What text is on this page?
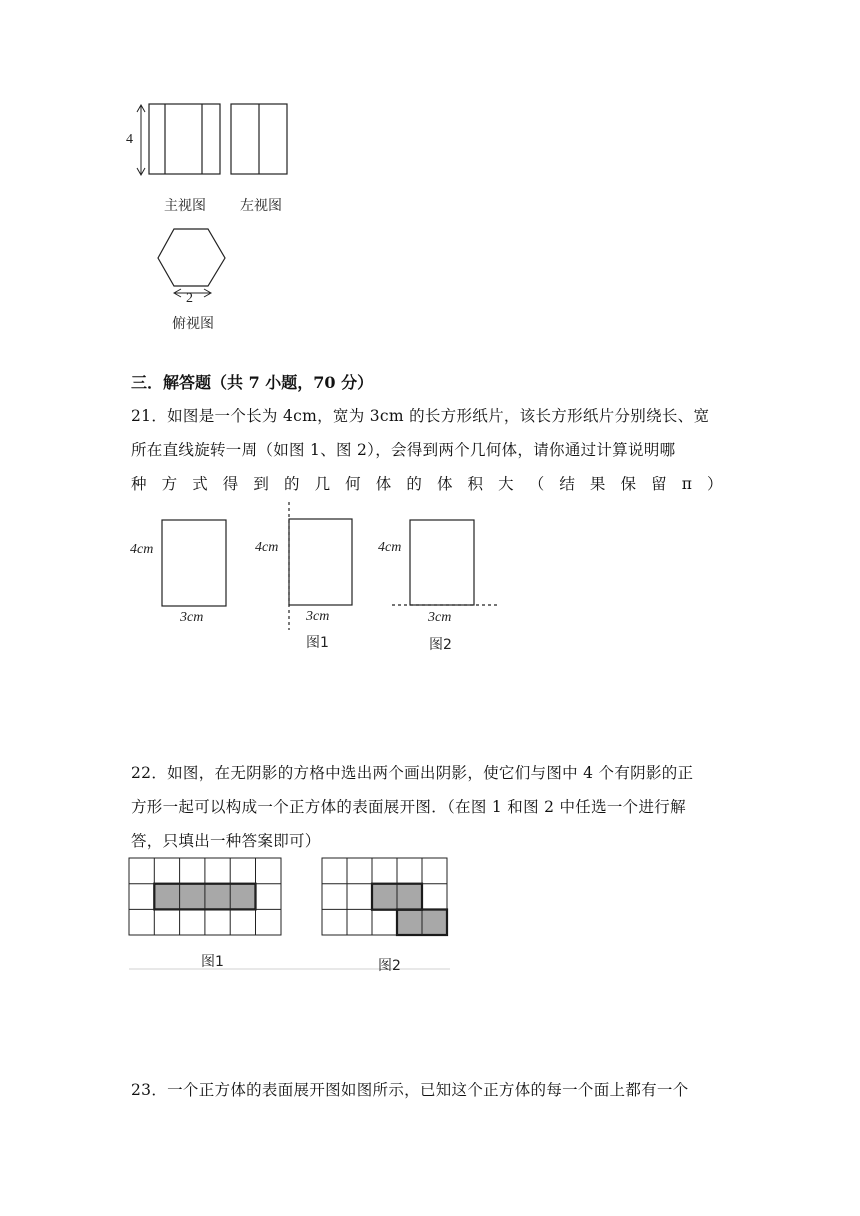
4
主视图 左视图
2
俯视图
三．解答题（共 7 小题，70 分）
21．如图是一个长为 4cm，宽为 3cm 的长方形纸片，该长方形纸片分别绕长、宽
所在直线旋转一周（如图 1、图 2），会得到两个几何体，请你通过计算说明哪
种 方 式 得 到 的 几 何 体 的 体 积 大 （ 结 果 保 留 π ）
4cm
3cm
4cm
3cm
图1
4cm
3cm
图2
22．如图，在无阴影的方格中选出两个画出阴影，使它们与图中 4 个有阴影的正
方形一起可以构成一个正方体的表面展开图．（在图 1 和图 2 中任选一个进行解
答，只填出一种答案即可）
图1	图2
23．一个正方体的表面展开图如图所示，已知这个正方体的每一个面上都有一个
